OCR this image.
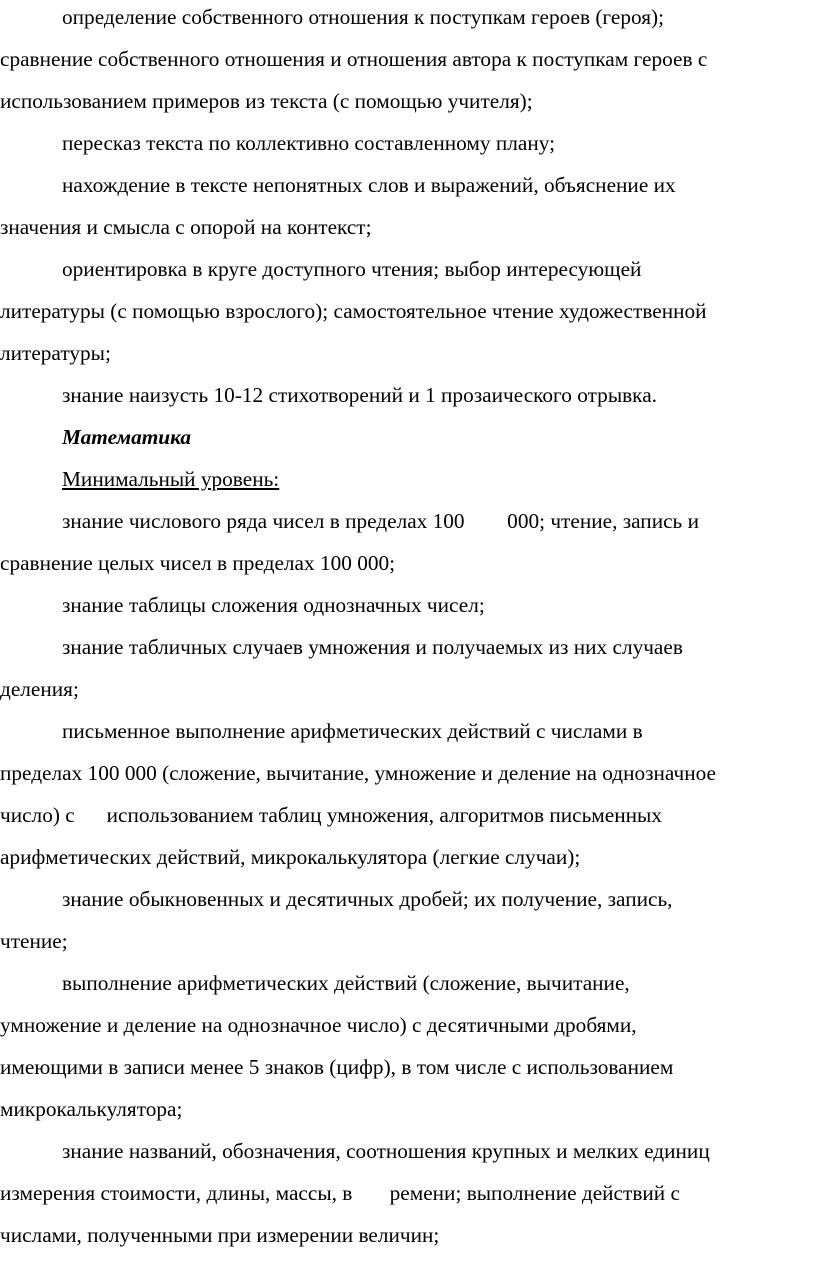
определение собственного отношения к поступкам героев (героя);
сравнение собственного отношения и отношения автора к поступкам героев с
использованием примеров из текста (с помощью учителя);
пересказ текста по коллективно составленному плану;
нахождение в тексте непонятных слов и выражений, объяснение их
значения и смысла с опорой на контекст;
ориентировка в круге доступного чтения; выбор интересующей
литературы (с помощью взрослого); самостоятельное чтение художественной
литературы;
знание наизусть 10-12 стихотворений и 1 прозаического отрывка.
Математика
Минимальный уровень:
знание числового ряда чисел в пределах 100        000; чтение, запись и
сравнение целых чисел в пределах 100 000;
знание таблицы сложения однозначных чисел;
знание табличных случаев умножения и получаемых из них случаев
деления;
письменное выполнение арифметических действий с числами в
пределах 100 000 (сложение, вычитание, умножение и деление на однозначное
число) с      использованием таблиц умножения, алгоритмов письменных
арифметических действий, микрокалькулятора (легкие случаи);
знание обыкновенных и десятичных дробей; их получение, запись,
чтение;
выполнение арифметических действий (сложение, вычитание,
умножение и деление на однозначное число) с десятичными дробями,
имеющими в записи менее 5 знаков (цифр), в том числе с использованием
микрокалькулятора;
знание названий, обозначения, соотношения крупных и мелких единиц
измерения стоимости, длины, массы, в       ремени; выполнение действий с
числами, полученными при измерении величин;
